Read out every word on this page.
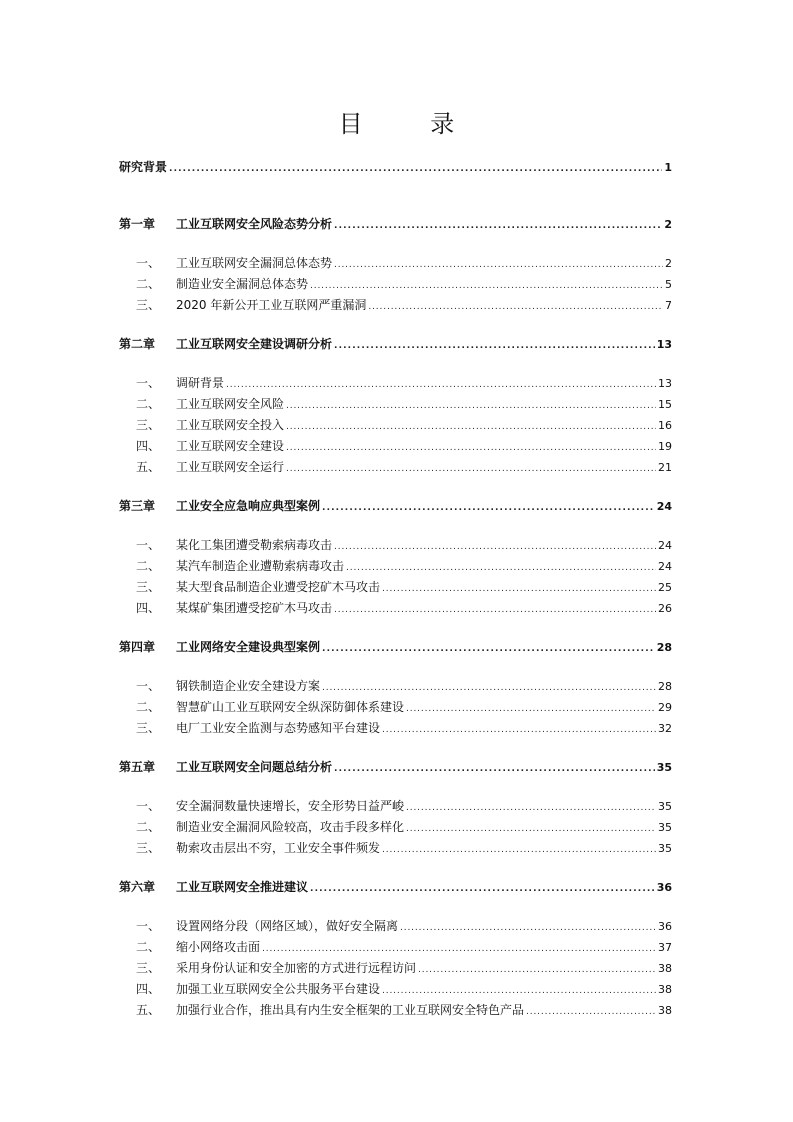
目 录
研究背景 . . .	1
第一章	工业互联网安全风险态势分析 . . .	2
一、	工业互联网安全漏洞总体态势 . . .	2
二、	制造业安全漏洞总体态势 . . .	5
三、	2020 年新公开工业互联网严重漏洞 . . .	7
第二章	工业互联网安全建设调研分析 . . .	13
一、	调研背景 . . .	13
二、	工业互联网安全风险 . . .	15
三、	工业互联网安全投入 . . .	16
四、	工业互联网安全建设 . . .	19
五、	工业互联网安全运行 . . .	21
第三章	工业安全应急响应典型案例 . . .	24
一、	某化工集团遭受勒索病毒攻击 . . .	24
二、	某汽车制造企业遭勒索病毒攻击 . . .	24
三、	某大型食品制造企业遭受挖矿木马攻击 . . .	25
四、	某煤矿集团遭受挖矿木马攻击 . . .	26
第四章	工业网络安全建设典型案例 . . .	28
一、	钢铁制造企业安全建设方案 . . .	28
二、	智慧矿山工业互联网安全纵深防御体系建设 . . .	29
三、	电厂工业安全监测与态势感知平台建设 . . .	32
第五章	工业互联网安全问题总结分析 . . .	35
一、	安全漏洞数量快速增长，安全形势日益严峻 . . .	35
二、	制造业安全漏洞风险较高，攻击手段多样化 . . .	35
三、	勒索攻击层出不穷，工业安全事件频发 . . .	35
第六章	工业互联网安全推进建议 . . .	36
一、	设置网络分段（网络区域），做好安全隔离 . . .	36
二、	缩小网络攻击面 . . .	37
三、	采用身份认证和安全加密的方式进行远程访问 . . .	38
四、	加强工业互联网安全公共服务平台建设 . . .	38
五、	加强行业合作，推出具有内生安全框架的工业互联网安全特色产品 . . .	38
